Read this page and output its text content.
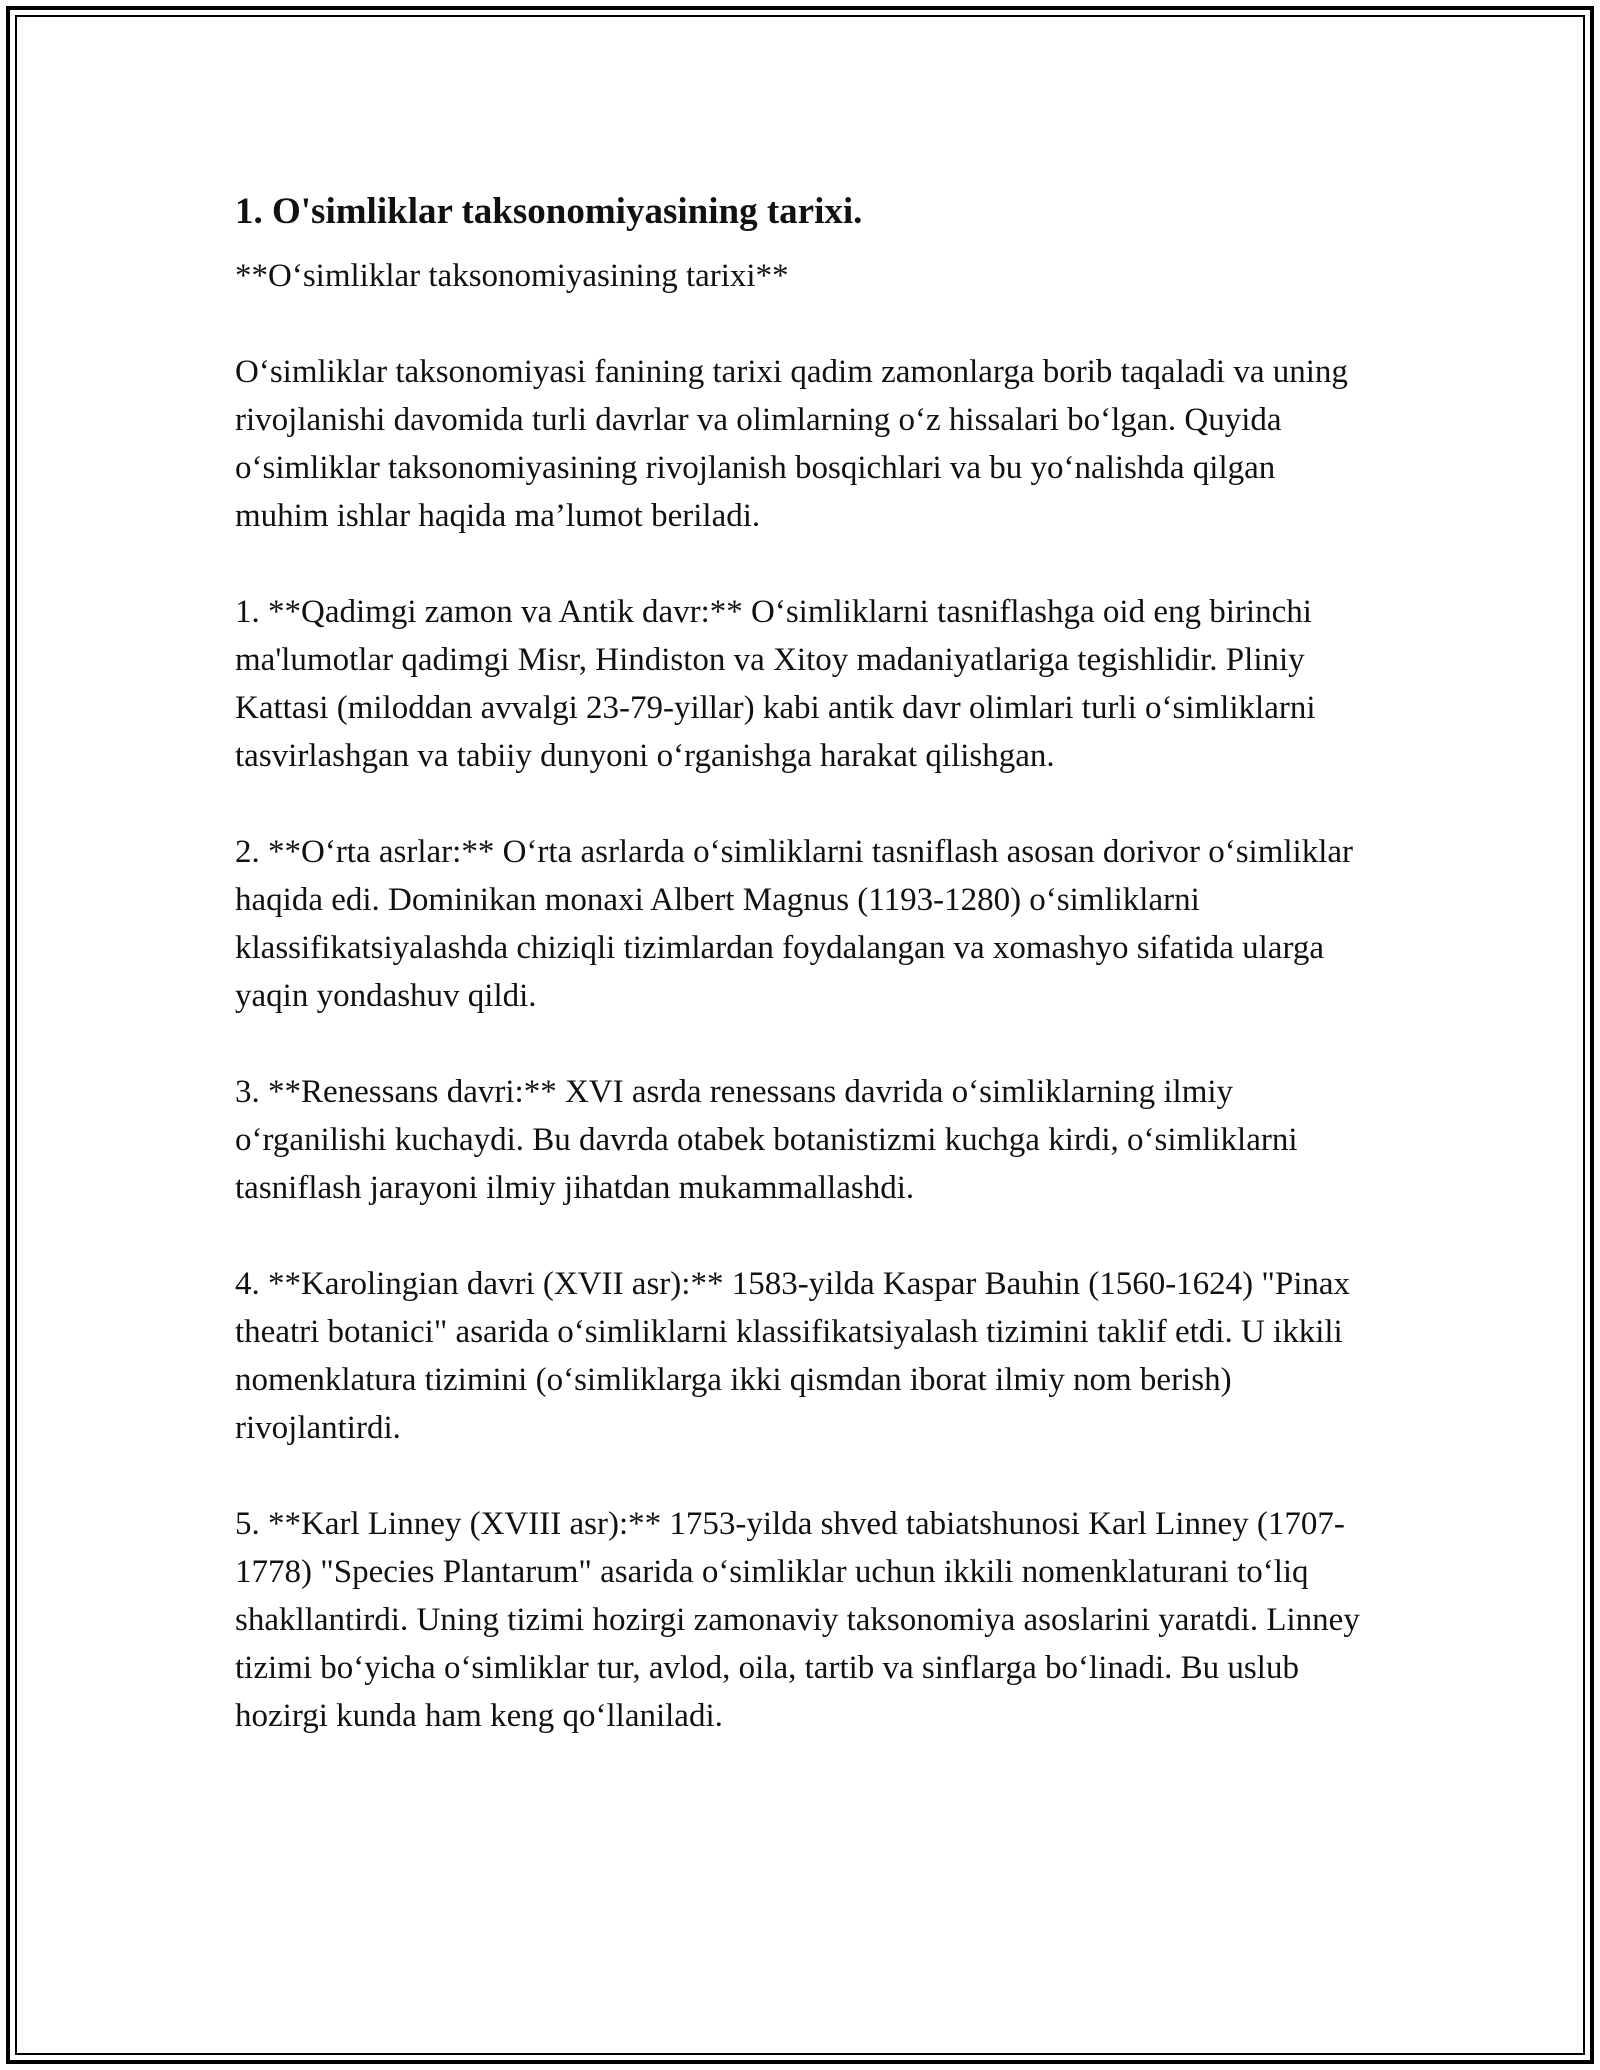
1. O'simliklar taksonomiyasining tarixi.

**O‘simliklar taksonomiyasining tarixi**

O‘simliklar taksonomiyasi fanining tarixi qadim zamonlarga borib taqaladi va uning rivojlanishi davomida turli davrlar va olimlarning o‘z hissalari bo‘lgan. Quyida o‘simliklar taksonomiyasining rivojlanish bosqichlari va bu yo‘nalishda qilgan muhim ishlar haqida ma’lumot beriladi.

1. **Qadimgi zamon va Antik davr:** O‘simliklarni tasniflashga oid eng birinchi ma'lumotlar qadimgi Misr, Hindiston va Xitoy madaniyatlariga tegishlidir. Pliniy Kattasi (miloddan avvalgi 23-79-yillar) kabi antik davr olimlari turli o‘simliklarni tasvirlashgan va tabiiy dunyoni o‘rganishga harakat qilishgan.

2. **O‘rta asrlar:** O‘rta asrlarda o‘simliklarni tasniflash asosan dorivor o‘simliklar haqida edi. Dominikan monaxi Albert Magnus (1193-1280) o‘simliklarni klassifikatsiyalashda chiziqli tizimlardan foydalangan va xomashyo sifatida ularga yaqin yondashuv qildi.

3. **Renessans davri:** XVI asrda renessans davrida o‘simliklarning ilmiy o‘rganilishi kuchaydi. Bu davrda otabek botanistizmi kuchga kirdi, o‘simliklarni tasniflash jarayoni ilmiy jihatdan mukammallashdi.

4. **Karolingian davri (XVII asr):** 1583-yilda Kaspar Bauhin (1560-1624) "Pinax theatri botanici" asarida o‘simliklarni klassifikatsiyalash tizimini taklif etdi. U ikkili nomenklatura tizimini (o‘simliklarga ikki qismdan iborat ilmiy nom berish) rivojlantirdi.

5. **Karl Linney (XVIII asr):** 1753-yilda shved tabiatshunosi Karl Linney (1707-1778) "Species Plantarum" asarida o‘simliklar uchun ikkili nomenklaturani to‘liq shakllantirdi. Uning tizimi hozirgi zamonaviy taksonomiya asoslarini yaratdi. Linney tizimi bo‘yicha o‘simliklar tur, avlod, oila, tartib va sinflarga bo‘linadi. Bu uslub hozirgi kunda ham keng qo‘llaniladi.
